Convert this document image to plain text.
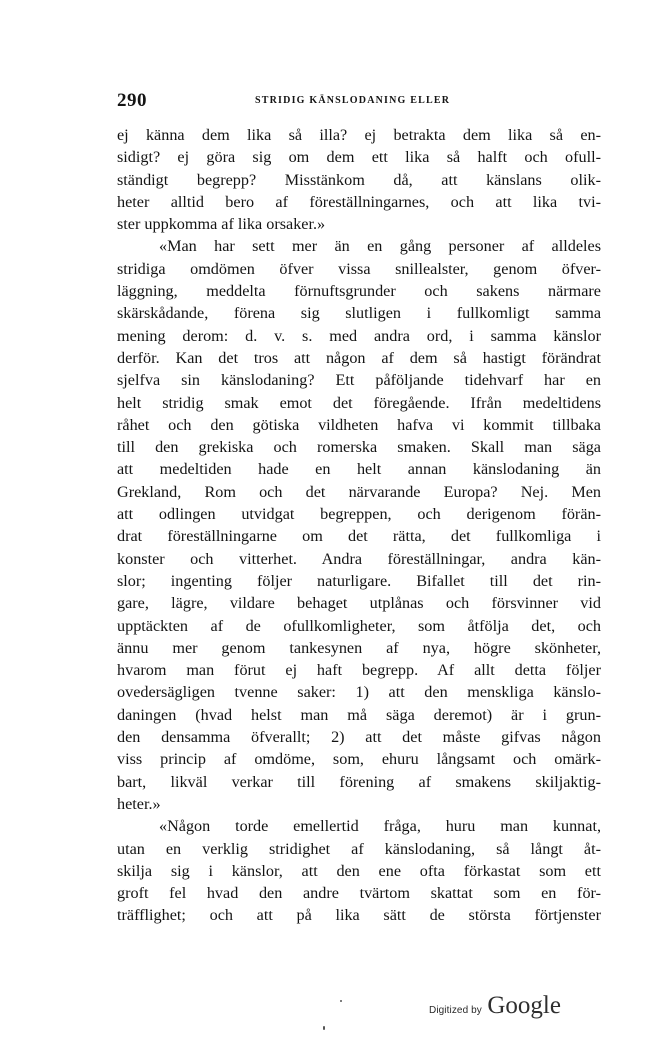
290	STRIDIG KÄNSLODANING ELLER
ej känna dem lika så illa? ej betrakta dem lika så en-
sidigt? ej göra sig om dem ett lika så halft och ofull-
ständigt begrepp? Misstänkom då, att känslans olik-
heter alltid bero af föreställningarnes, och att lika tvi-
ster uppkomma af lika orsaker.»
«Man har sett mer än en gång personer af alldeles
stridiga omdömen öfver vissa snillealster, genom öfver-
läggning, meddelta förnuftsgrunder och sakens närmare
skärskådande, förena sig slutligen i fullkomligt samma
mening derom: d. v. s. med andra ord, i samma känslor
derför. Kan det tros att någon af dem så hastigt förändrat
sjelfva sin känslodaning? Ett påföljande tidehvarf har en
helt stridig smak emot det föregående. Ifrån medeltidens
råhet och den götiska vildheten hafva vi kommit tillbaka
till den grekiska och romerska smaken. Skall man säga
att medeltiden hade en helt annan känslodaning än
Grekland, Rom och det närvarande Europa? Nej. Men
att odlingen utvidgat begreppen, och derigenom förän-
drat föreställningarne om det rätta, det fullkomliga i
konster och vitterhet. Andra föreställningar, andra kän-
slor; ingenting följer naturligare. Bifallet till det rin-
gare, lägre, vildare behaget utplånas och försvinner vid
upptäckten af de ofullkomligheter, som åtfölja det, och
ännu mer genom tankesynen af nya, högre skönheter,
hvarom man förut ej haft begrepp. Af allt detta följer
ovedersägligen tvenne saker: 1) att den menskliga känslo-
daningen (hvad helst man må säga deremot) är i grun-
den densamma öfverallt; 2) att det måste gifvas någon
viss princip af omdöme, som, ehuru långsamt och omärk-
bart, likväl verkar till förening af smakens skiljaktig-
heter.»
«Någon torde emellertid fråga, huru man kunnat,
utan en verklig stridighet af känslodaning, så långt åt-
skilja sig i känslor, att den ene ofta förkastat som ett
groft fel hvad den andre tvärtom skattat som en för-
träfflighet; och att på lika sätt de största förtjenster
Digitized by Google
